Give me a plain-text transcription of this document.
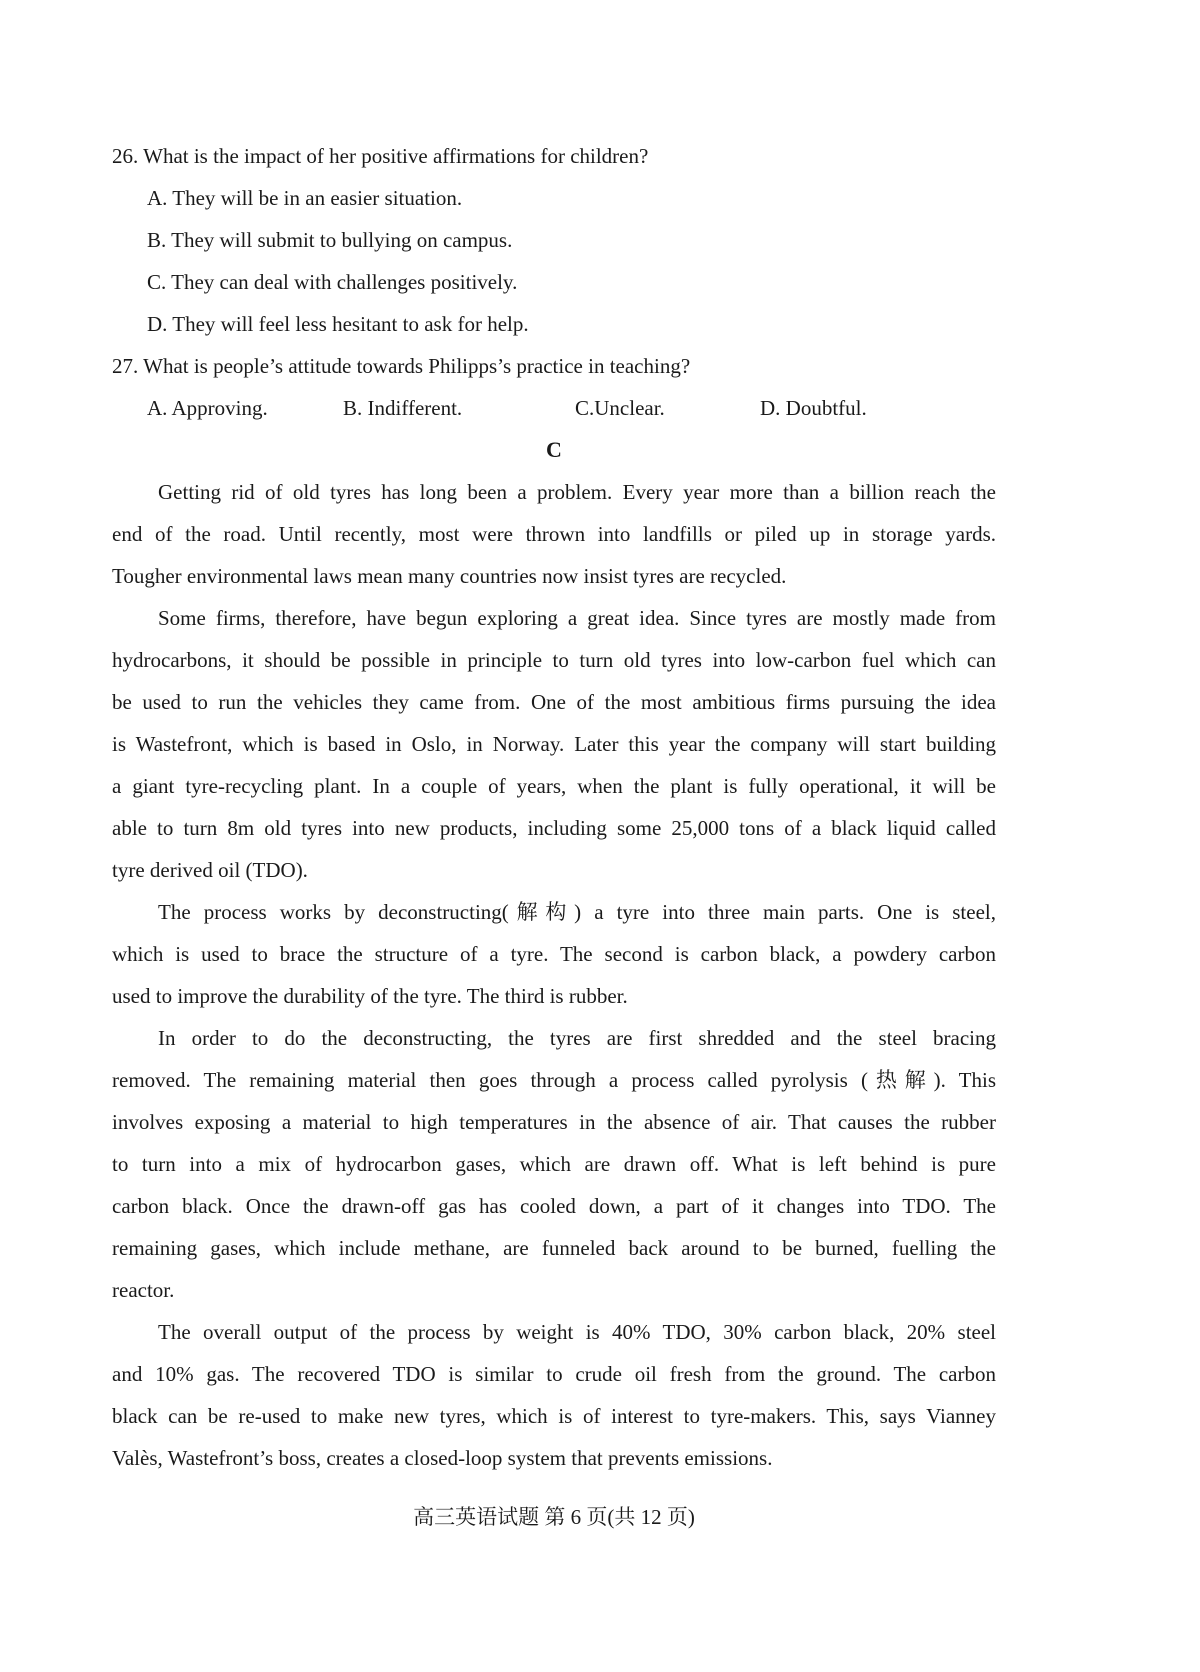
26. What is the impact of her positive affirmations for children?
A. They will be in an easier situation.
B. They will submit to bullying on campus.
C. They can deal with challenges positively.
D. They will feel less hesitant to ask for help.
27. What is people’s attitude towards Philipps’s practice in teaching?
A. Approving.	B. Indifferent.	C.Unclear.	D. Doubtful.
C
Getting rid of old tyres has long been a problem. Every year more than a billion reach the
end of the road. Until recently, most were thrown into landfills or piled up in storage yards.
Tougher environmental laws mean many countries now insist tyres are recycled.
Some firms, therefore, have begun exploring a great idea. Since tyres are mostly made from
hydrocarbons, it should be possible in principle to turn old tyres into low-carbon fuel which can
be used to run the vehicles they came from. One of the most ambitious firms pursuing the idea
is Wastefront, which is based in Oslo, in Norway. Later this year the company will start building
a giant tyre-recycling plant. In a couple of years, when the plant is fully operational, it will be
able to turn 8m old tyres into new products, including some 25,000 tons of a black liquid called
tyre derived oil (TDO).
The process works by deconstructing(解构) a tyre into three main parts. One is steel,
which is used to brace the structure of a tyre. The second is carbon black, a powdery carbon
used to improve the durability of the tyre. The third is rubber.
In order to do the deconstructing, the tyres are first shredded and the steel bracing
removed. The remaining material then goes through a process called pyrolysis (热解). This
involves exposing a material to high temperatures in the absence of air. That causes the rubber
to turn into a mix of hydrocarbon gases, which are drawn off. What is left behind is pure
carbon black. Once the drawn-off gas has cooled down, a part of it changes into TDO. The
remaining gases, which include methane, are funneled back around to be burned, fuelling the
reactor.
The overall output of the process by weight is 40% TDO, 30% carbon black, 20% steel
and 10% gas. The recovered TDO is similar to crude oil fresh from the ground. The carbon
black can be re-used to make new tyres, which is of interest to tyre-makers. This, says Vianney
Valès, Wastefront’s boss, creates a closed-loop system that prevents emissions.
高三英语试题 第 6 页(共 12 页)
